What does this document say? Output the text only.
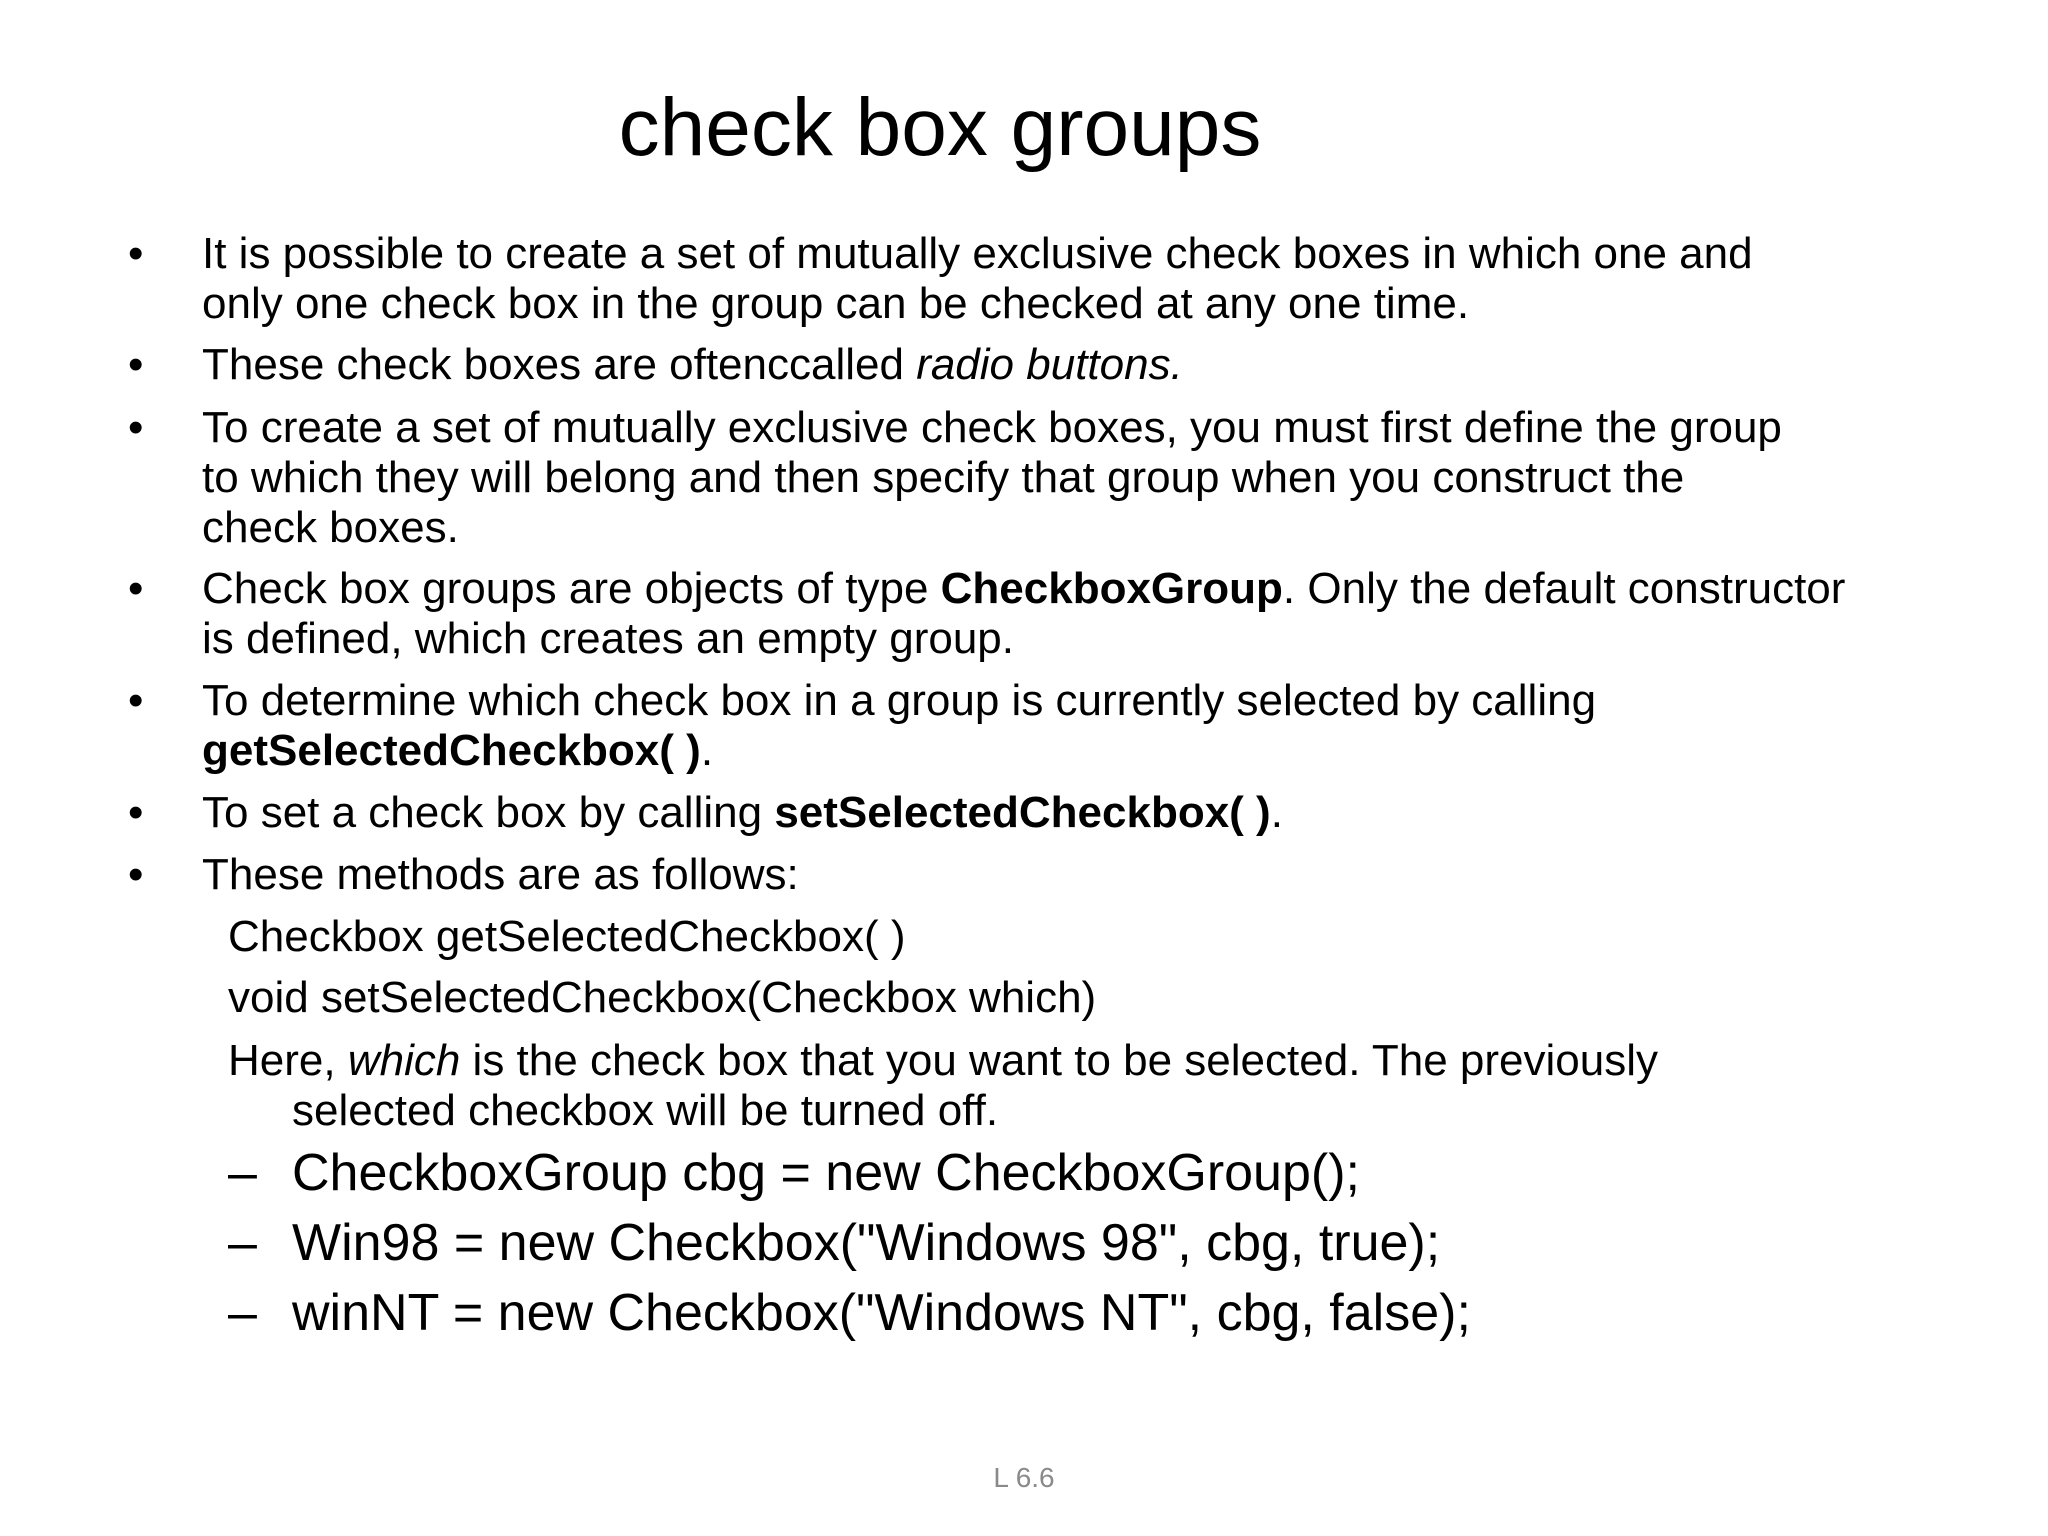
check box groups
• It is possible to create a set of mutually exclusive check boxes in which one and
only one check box in the group can be checked at any one time.
• These check boxes are oftenccalled radio buttons.
• To create a set of mutually exclusive check boxes, you must first define the group
to which they will belong and then specify that group when you construct the
check boxes.
• Check box groups are objects of type CheckboxGroup. Only the default constructor
is defined, which creates an empty group.
• To determine which check box in a group is currently selected by calling
getSelectedCheckbox( ).
• To set a check box by calling setSelectedCheckbox( ).
• These methods are as follows:
Checkbox getSelectedCheckbox( )
void setSelectedCheckbox(Checkbox which)
Here, which is the check box that you want to be selected. The previously
selected checkbox will be turned off.
– CheckboxGroup cbg = new CheckboxGroup();
– Win98 = new Checkbox("Windows 98", cbg, true);
– winNT = new Checkbox("Windows NT", cbg, false);
L 6.6
